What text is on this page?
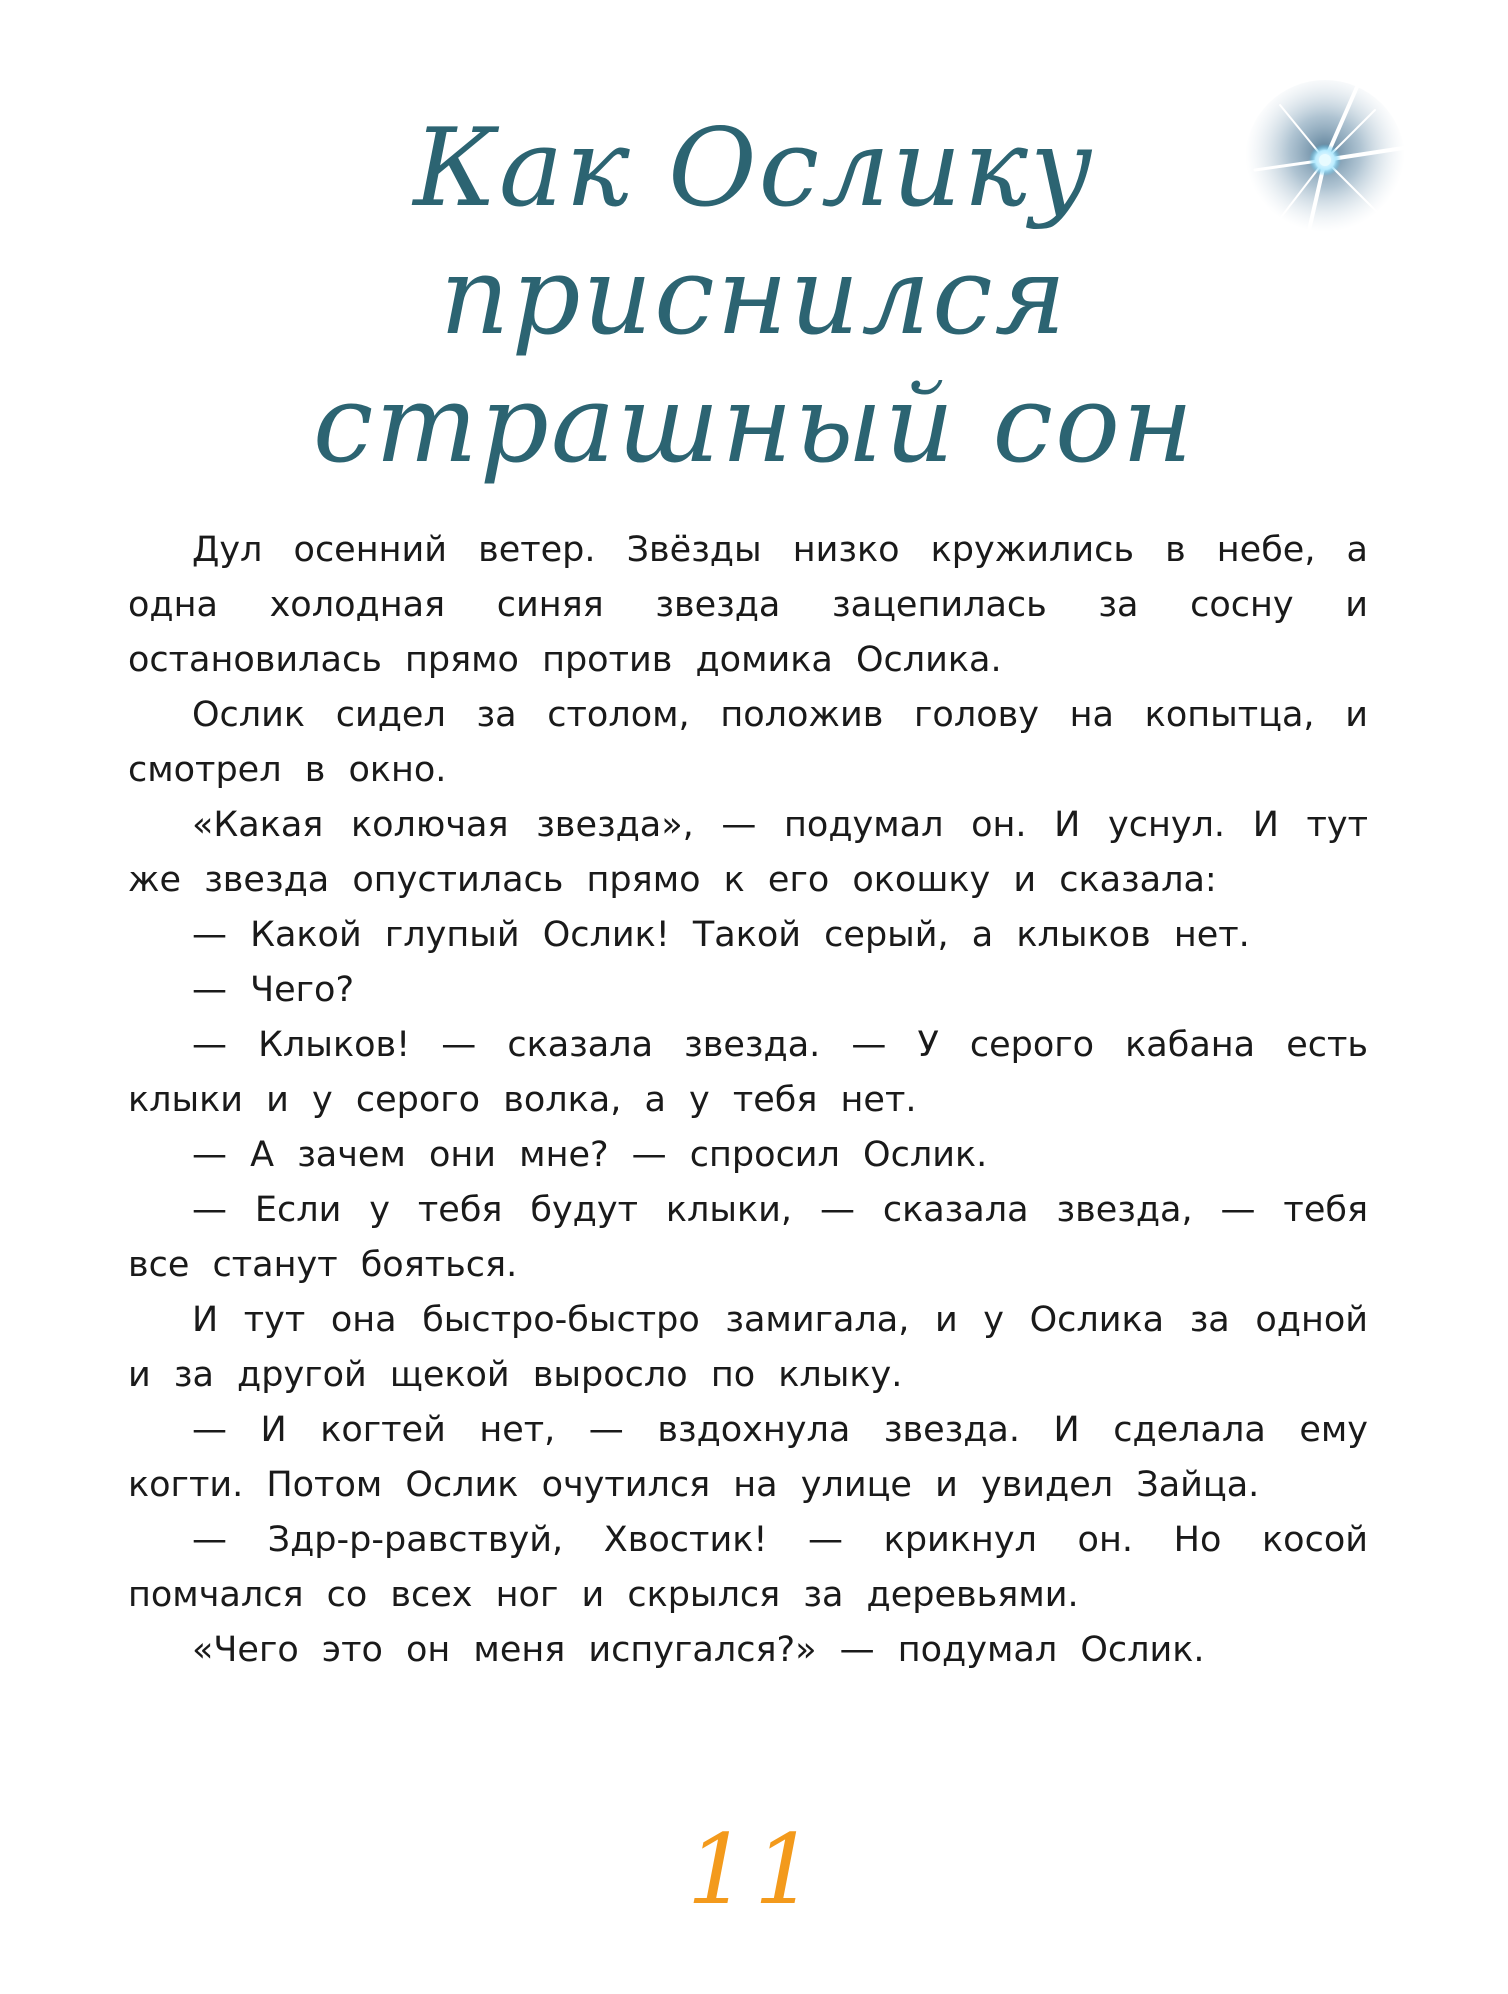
Как Ослику
приснился
страшный сон

Дул осенний ветер. Звёзды низко кружились в небе, а одна холодная синяя звезда зацепилась за сосну и остановилась прямо против домика Ослика.

Ослик сидел за столом, положив голову на копытца, и смотрел в окно.

«Какая колючая звезда», — подумал он. И уснул. И тут же звезда опустилась прямо к его окошку и сказала:

— Какой глупый Ослик! Такой серый, а клыков нет.

— Чего?

— Клыков! — сказала звезда. — У серого кабана есть клыки и у серого волка, а у тебя нет.

— А зачем они мне? — спросил Ослик.

— Если у тебя будут клыки, — сказала звезда, — тебя все станут бояться.

И тут она быстро-быстро замигала, и у Ослика за одной и за другой щекой выросло по клыку.

— И когтей нет, — вздохнула звезда. И сделала ему когти. Потом Ослик очутился на улице и увидел Зайца.

— Здр-р-равствуй, Хвостик! — крикнул он. Но косой помчался со всех ног и скрылся за деревьями.

«Чего это он меня испугался?» — подумал Ослик.

11
